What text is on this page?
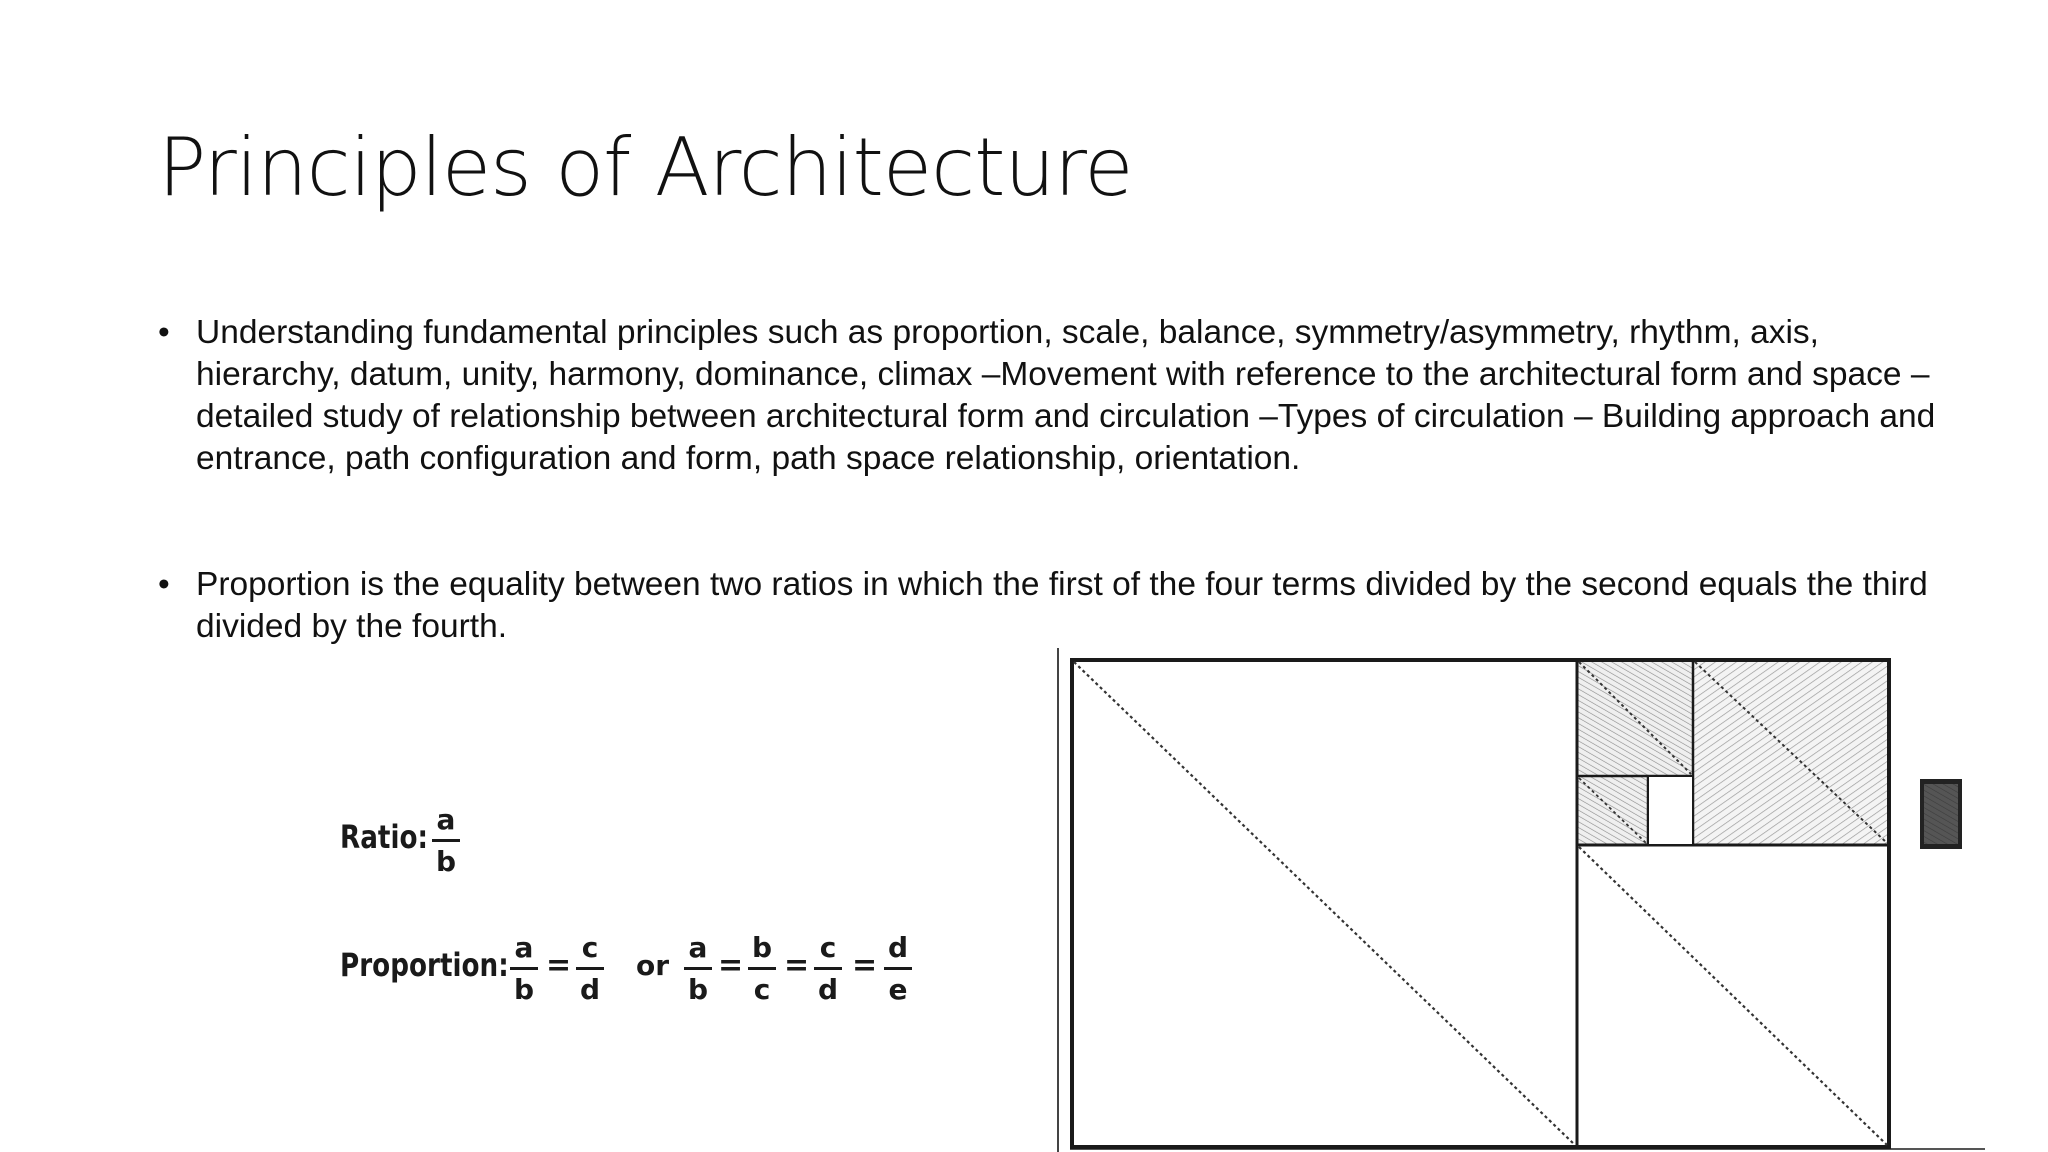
Principles of Architecture
• Understanding fundamental principles such as proportion, scale, balance, symmetry/asymmetry, rhythm, axis, hierarchy, datum, unity, harmony, dominance, climax –Movement with reference to the architectural form and space –detailed study of relationship between architectural form and circulation –Types of circulation – Building approach and entrance, path configuration and form, path space relationship, orientation.
• Proportion is the equality between two ratios in which the first of the four terms divided by the second equals the third divided by the fourth.
Ratio: a
b
Proportion: a
b
=
c
d
or
a
b
=
b
c
=
c
d
=
d
e
